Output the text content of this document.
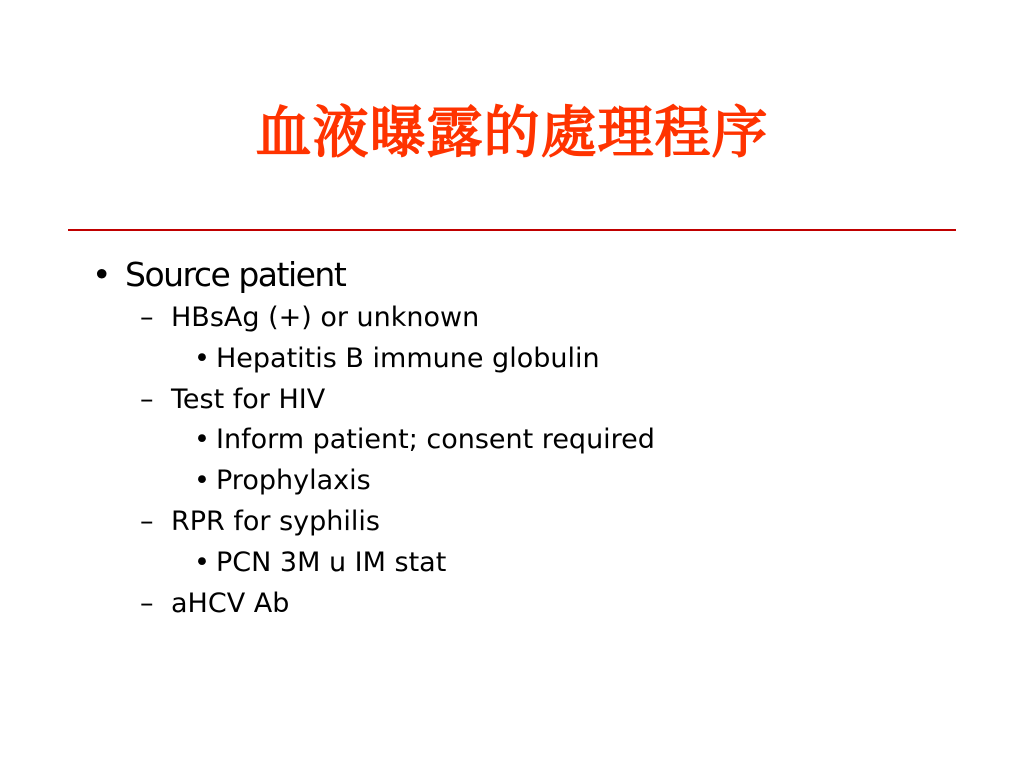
血液曝露的處理程序
• Source patient
– HBsAg (+) or unknown
• Hepatitis B immune globulin
– Test for HIV
• Inform patient; consent required
• Prophylaxis
– RPR for syphilis
• PCN 3M u IM stat
– aHCV Ab
